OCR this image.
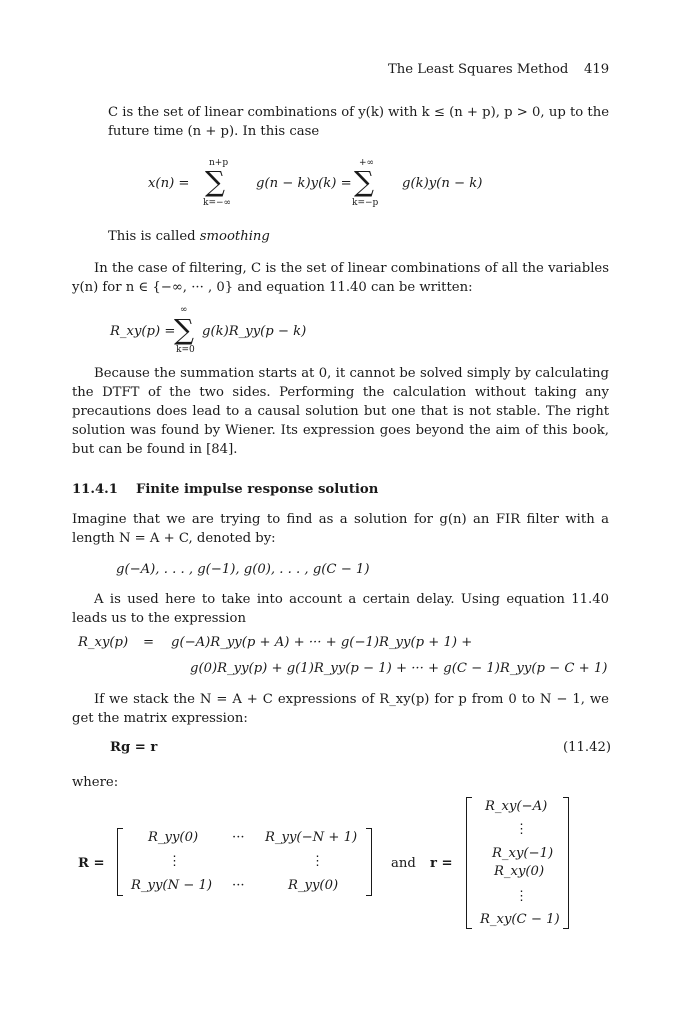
The Least Squares Method 419
C is the set of linear combinations of y(k) with k ≤ (n + p), p > 0, up to the future time (n + p). In this case
x(n) =
n+p
∑
k=−∞
g(n − k)y(k) =
+∞
∑
k=−p
g(k)y(n − k)
This is called smoothing
In the case of filtering, C is the set of linear combinations of all the variables y(n) for n ∈ {−∞, ··· , 0} and equation 11.40 can be written:
R_xy(p) =
∞
∑
k=0
g(k)R_yy(p − k)
Because the summation starts at 0, it cannot be solved simply by calculating the DTFT of the two sides. Performing the calculation without taking any precautions does lead to a causal solution but one that is not stable. The right solution was found by Wiener. Its expression goes beyond the aim of this book, but can be found in [84].
11.4.1 Finite impulse response solution
Imagine that we are trying to find as a solution for g(n) an FIR filter with a length N = A + C, denoted by:
g(−A), . . . , g(−1), g(0), . . . , g(C − 1)
A is used here to take into account a certain delay. Using equation 11.40 leads us to the expression
R_xy(p) = g(−A)R_yy(p + A) + ··· + g(−1)R_yy(p + 1) +
g(0)R_yy(p) + g(1)R_yy(p − 1) + ··· + g(C − 1)R_yy(p − C + 1)
If we stack the N = A + C expressions of R_xy(p) for p from 0 to N − 1, we get the matrix expression:
Rg = r	(11.42)
where:
R =
R_yy(0)	··· R_yy(−N + 1)
⋮	⋮
R_yy(N − 1) ···	R_yy(0)
and r =
R_xy(−A)
⋮
R_xy(−1)
R_xy(0)
⋮
R_xy(C − 1)
